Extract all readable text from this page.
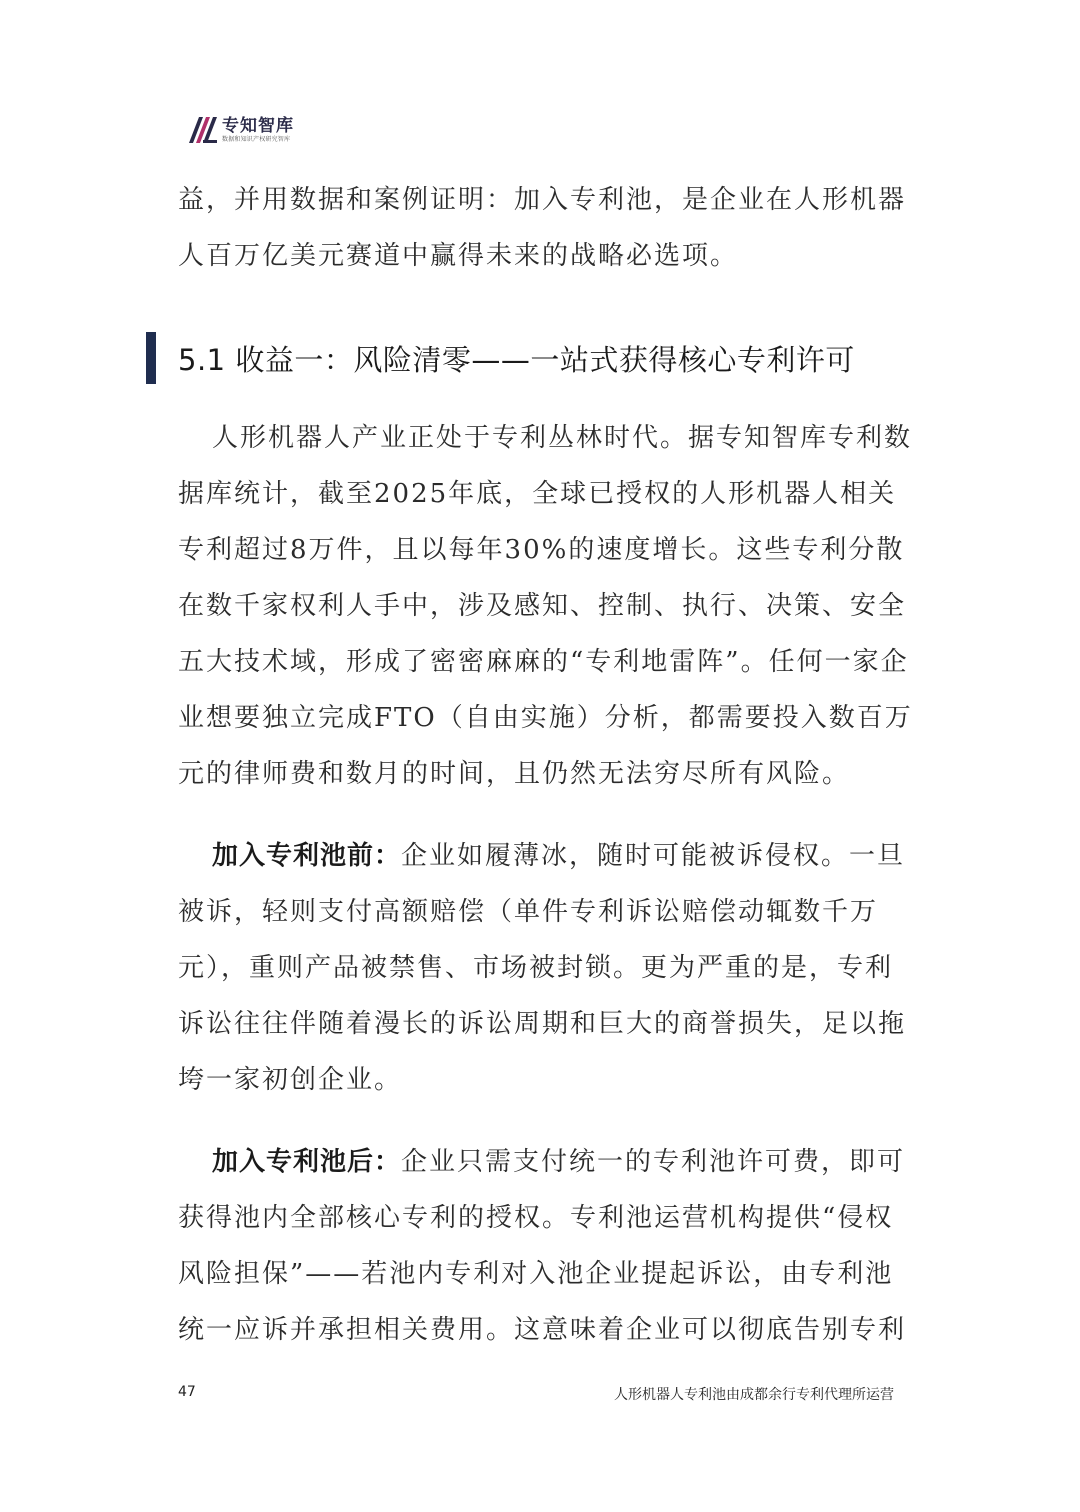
专知智库
数据和知识产权研究智库

益，并用数据和案例证明：加入专利池，是企业在人形机器人百万亿美元赛道中赢得未来的战略必选项。

5.1 收益一：风险清零——一站式获得核心专利许可

人形机器人产业正处于专利丛林时代。据专知智库专利数据库统计，截至2025年底，全球已授权的人形机器人相关专利超过8万件，且以每年30%的速度增长。这些专利分散在数千家权利人手中，涉及感知、控制、执行、决策、安全五大技术域，形成了密密麻麻的“专利地雷阵”。任何一家企业想要独立完成FTO（自由实施）分析，都需要投入数百万元的律师费和数月的时间，且仍然无法穷尽所有风险。

加入专利池前：企业如履薄冰，随时可能被诉侵权。一旦被诉，轻则支付高额赔偿（单件专利诉讼赔偿动辄数千万元），重则产品被禁售、市场被封锁。更为严重的是，专利诉讼往往伴随着漫长的诉讼周期和巨大的商誉损失，足以拖垮一家初创企业。

加入专利池后：企业只需支付统一的专利池许可费，即可获得池内全部核心专利的授权。专利池运营机构提供“侵权风险担保”——若池内专利对入池企业提起诉讼，由专利池统一应诉并承担相关费用。这意味着企业可以彻底告别专利

47	人形机器人专利池由成都余行专利代理所运营
